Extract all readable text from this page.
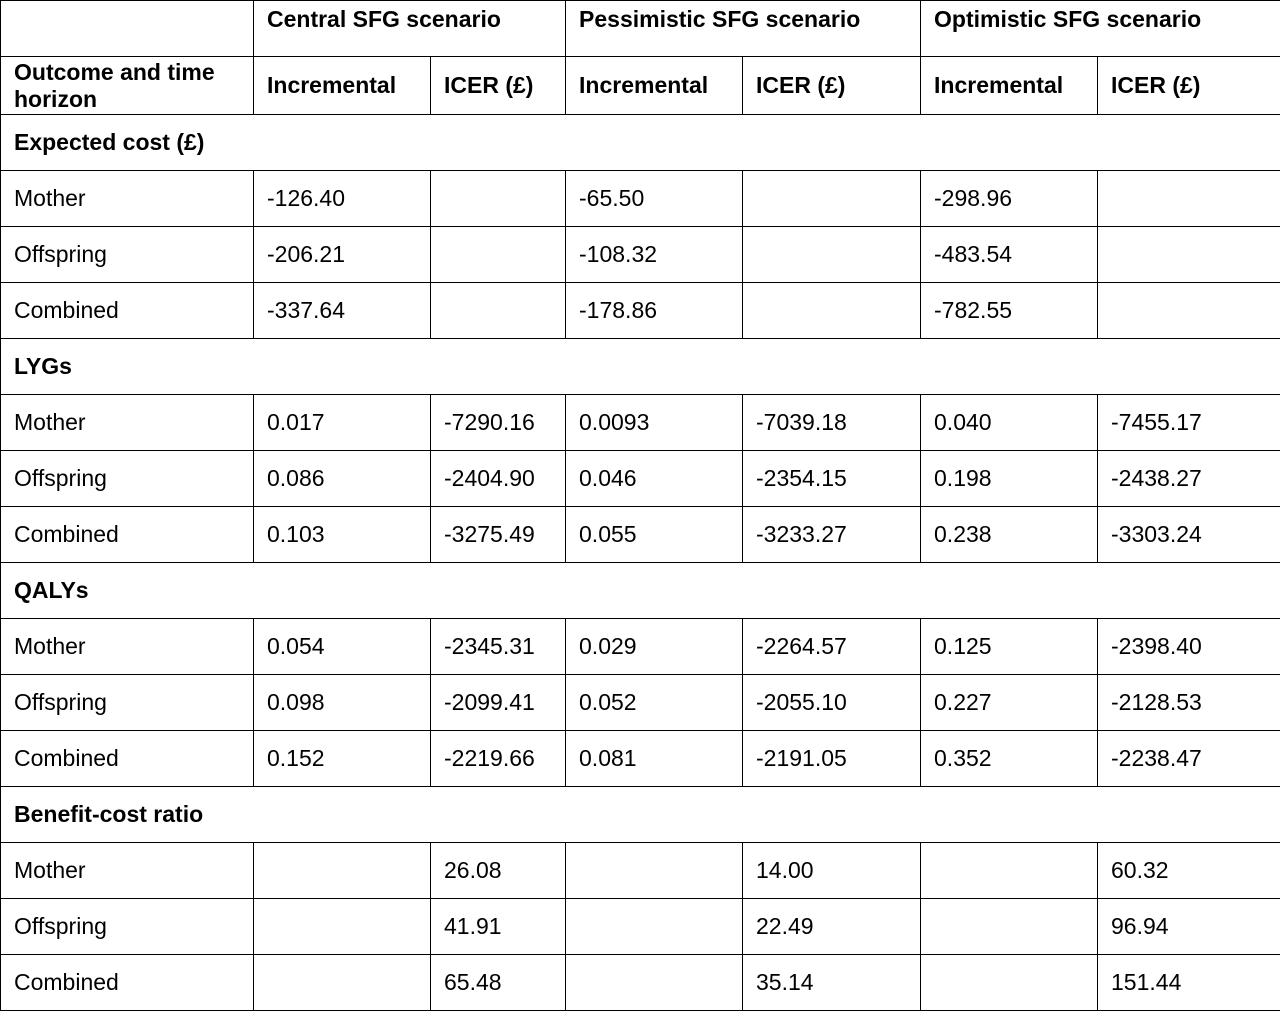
	Central SFG scenario		Pessimistic SFG scenario		Optimistic SFG scenario	
Outcome and time horizon	Incremental	ICER (£)	Incremental	ICER (£)	Incremental	ICER (£)
Expected cost (£)						
Mother	-126.40		-65.50		-298.96	
Offspring	-206.21		-108.32		-483.54	
Combined	-337.64		-178.86		-782.55	
LYGs						
Mother	0.017	-7290.16	0.0093	-7039.18	0.040	-7455.17
Offspring	0.086	-2404.90	0.046	-2354.15	0.198	-2438.27
Combined	0.103	-3275.49	0.055	-3233.27	0.238	-3303.24
QALYs						
Mother	0.054	-2345.31	0.029	-2264.57	0.125	-2398.40
Offspring	0.098	-2099.41	0.052	-2055.10	0.227	-2128.53
Combined	0.152	-2219.66	0.081	-2191.05	0.352	-2238.47
Benefit-cost ratio						
Mother		26.08		14.00		60.32
Offspring		41.91		22.49		96.94
Combined		65.48		35.14		151.44
